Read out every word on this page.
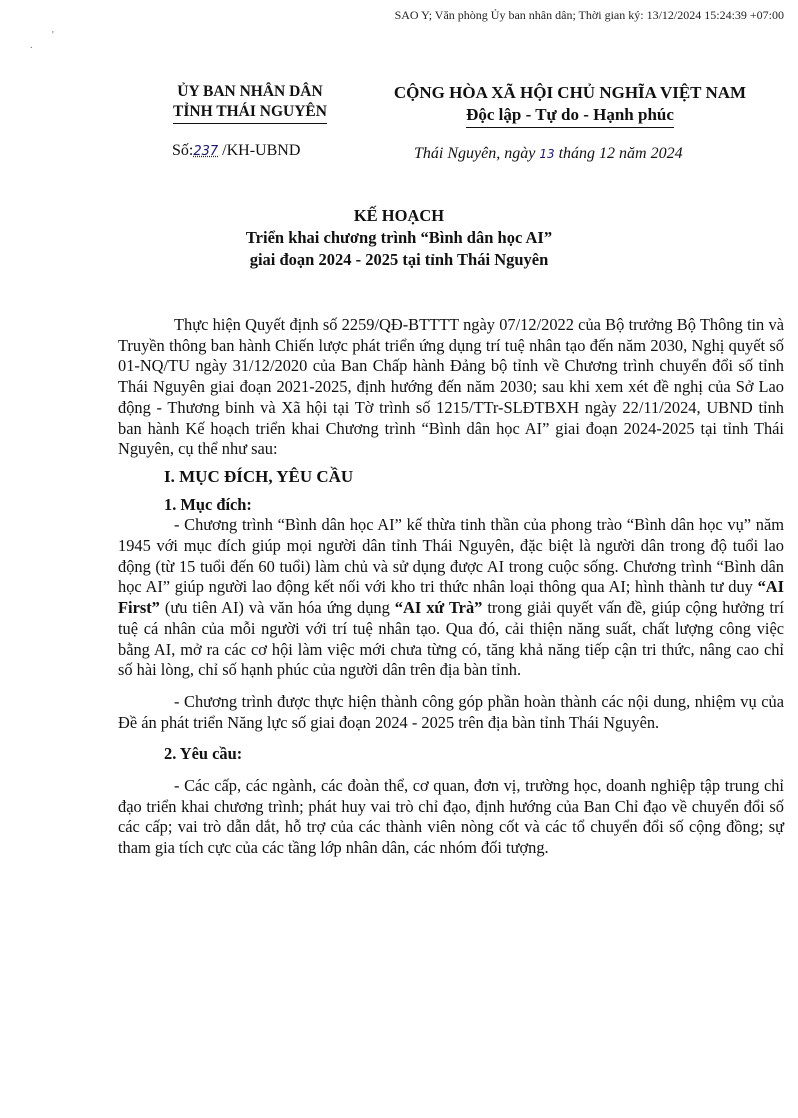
SAO Y; Văn phòng Ủy ban nhân dân; Thời gian ký: 13/12/2024 15:24:39 +07:00
.
'

ỦY BAN NHÂN DÂN

TỈNH THÁI NGUYÊN

CỘNG HÒA XÃ HỘI CHỦ NGHĨA VIỆT NAM

Độc lập - Tự do - Hạnh phúc

Số:237 /KH-UBND	Thái Nguyên, ngày 13 tháng 12 năm 2024
KẾ HOẠCH
Triển khai chương trình “Bình dân học AI”
giai đoạn 2024 - 2025 tại tỉnh Thái Nguyên

Thực hiện Quyết định số 2259/QĐ-BTTTT ngày 07/12/2022 của Bộ trưởng Bộ Thông tin và Truyền thông ban hành Chiến lược phát triển ứng dụng trí tuệ nhân tạo đến năm 2030, Nghị quyết số 01-NQ/TU ngày 31/12/2020 của Ban Chấp hành Đảng bộ tỉnh về Chương trình chuyển đổi số tỉnh Thái Nguyên giai đoạn 2021-2025, định hướng đến năm 2030; sau khi xem xét đề nghị của Sở Lao động - Thương binh và Xã hội tại Tờ trình số 1215/TTr-SLĐTBXH ngày 22/11/2024, UBND tỉnh ban hành Kế hoạch triển khai Chương trình “Bình dân học AI” giai đoạn 2024-2025 tại tỉnh Thái Nguyên, cụ thể như sau:

I. MỤC ĐÍCH, YÊU CẦU

1. Mục đích:

- Chương trình “Bình dân học AI” kế thừa tinh thần của phong trào “Bình dân học vụ” năm 1945 với mục đích giúp mọi người dân tỉnh Thái Nguyên, đặc biệt là người dân trong độ tuổi lao động (từ 15 tuổi đến 60 tuổi) làm chủ và sử dụng được AI trong cuộc sống. Chương trình “Bình dân học AI” giúp người lao động kết nối với kho tri thức nhân loại thông qua AI; hình thành tư duy “AI First” (ưu tiên AI) và văn hóa ứng dụng “AI xứ Trà” trong giải quyết vấn đề, giúp cộng hưởng trí tuệ cá nhân của mỗi người với trí tuệ nhân tạo. Qua đó, cải thiện năng suất, chất lượng công việc bằng AI, mở ra các cơ hội làm việc mới chưa từng có, tăng khả năng tiếp cận tri thức, nâng cao chỉ số hài lòng, chỉ số hạnh phúc của người dân trên địa bàn tỉnh.

- Chương trình được thực hiện thành công góp phần hoàn thành các nội dung, nhiệm vụ của Đề án phát triển Năng lực số giai đoạn 2024 - 2025 trên địa bàn tỉnh Thái Nguyên.

2. Yêu cầu:

- Các cấp, các ngành, các đoàn thể, cơ quan, đơn vị, trường học, doanh nghiệp tập trung chỉ đạo triển khai chương trình; phát huy vai trò chỉ đạo, định hướng của Ban Chỉ đạo về chuyển đổi số các cấp; vai trò dẫn dắt, hỗ trợ của các thành viên nòng cốt và các tổ chuyển đổi số cộng đồng; sự tham gia tích cực của các tầng lớp nhân dân, các nhóm đối tượng.
